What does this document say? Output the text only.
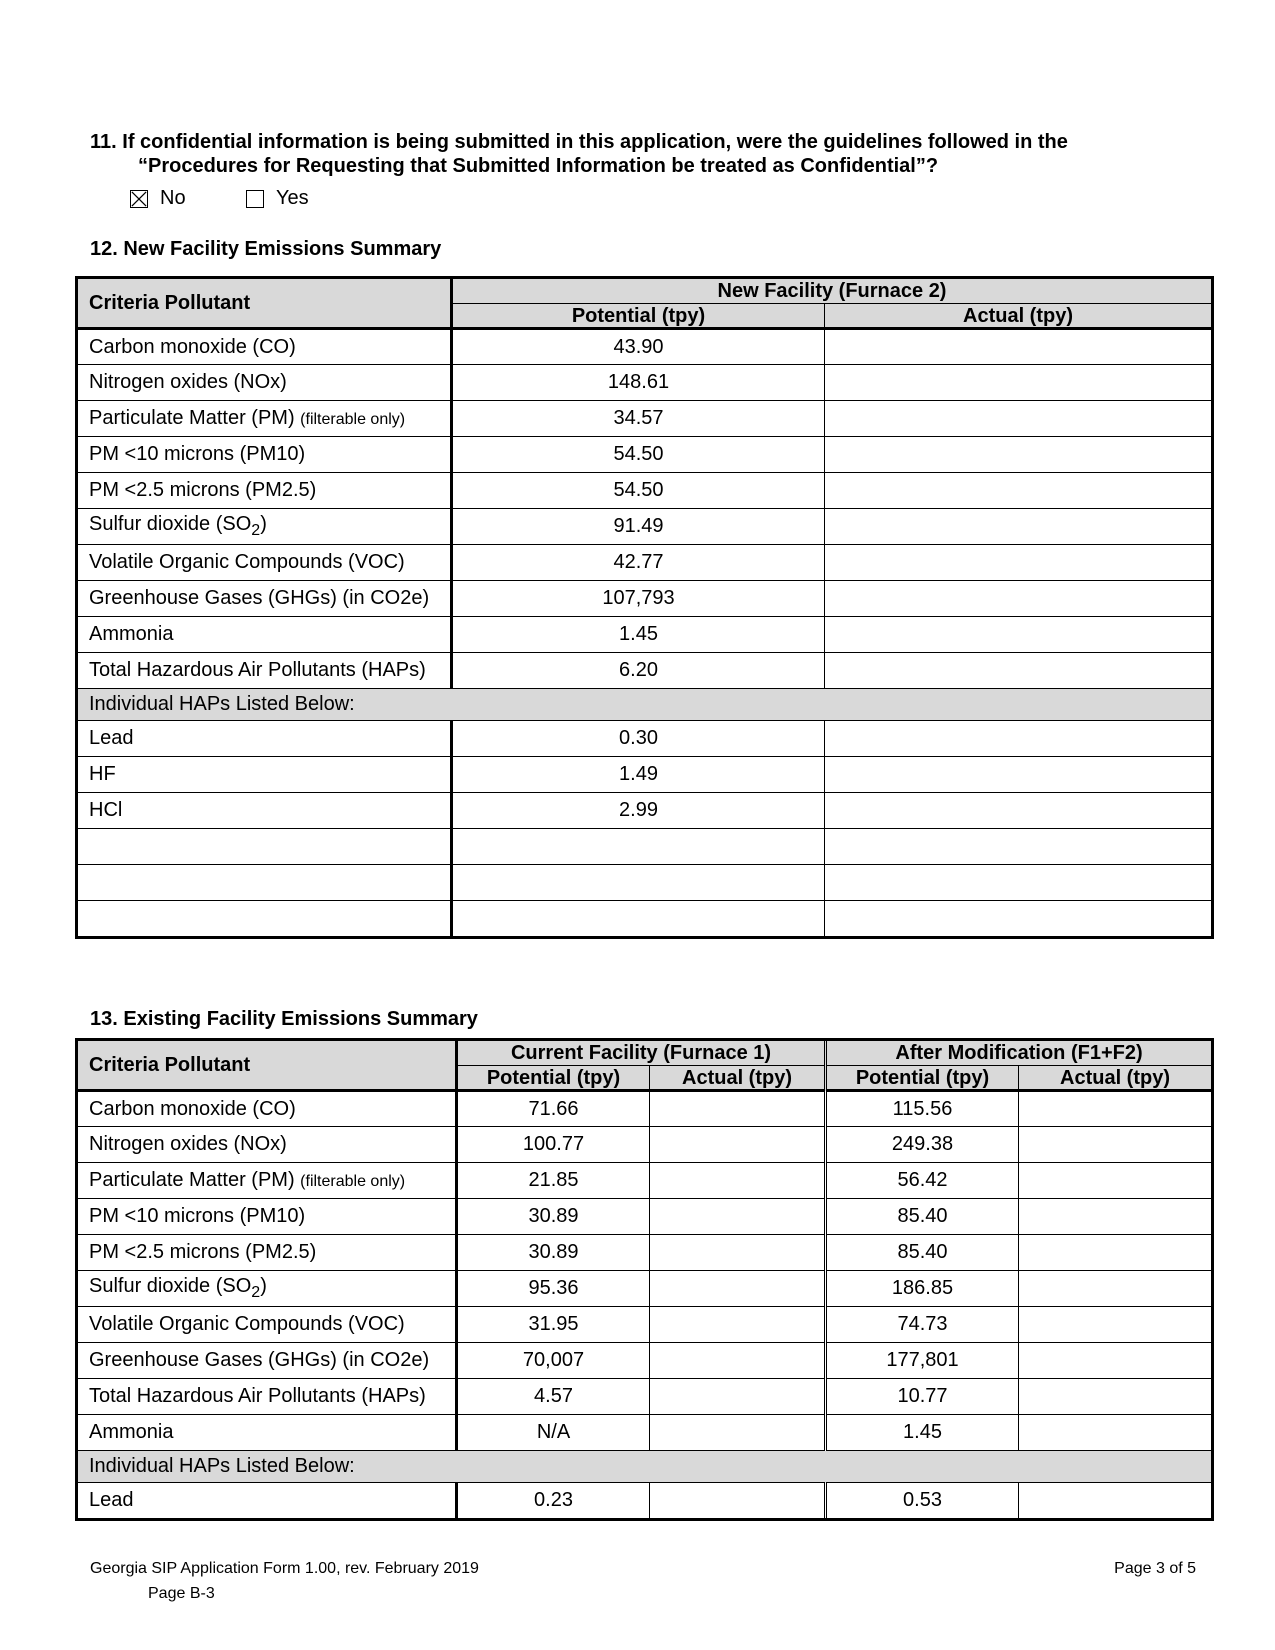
11. If confidential information is being submitted in this application, were the guidelines followed in the
“Procedures for Requesting that Submitted Information be treated as Confidential”?
No	Yes
12. New Facility Emissions Summary
Criteria Pollutant	New Facility (Furnace 2)	
	Potential (tpy)	Actual (tpy)
Carbon monoxide (CO)	43.90	
Nitrogen oxides (NOx)	148.61	
Particulate Matter (PM) (filterable only)	34.57	
PM <10 microns (PM10)	54.50	
PM <2.5 microns (PM2.5)	54.50	
Sulfur dioxide $(SO_2)$	91.49	
Volatile Organic Compounds (VOC)	42.77	
Greenhouse Gases (GHGs) (in CO2e)	107,793	
Ammonia	1.45	
Total Hazardous Air Pollutants (HAPs)	6.20	
Individual HAPs Listed Below:		
Lead	0.30	
HF	1.49	
HCl	2.99	

13. Existing Facility Emissions Summary
Criteria Pollutant	Current Facility (Furnace 1)		After Modification (F1+F2)	
	Potential (tpy)	Actual (tpy)	Potential (tpy)	Actual (tpy)
Carbon monoxide (CO)	71.66		115.56	
Nitrogen oxides (NOx)	100.77		249.38	
Particulate Matter (PM) (filterable only)	21.85		56.42	
PM <10 microns (PM10)	30.89		85.40	
PM <2.5 microns (PM2.5)	30.89		85.40	
Sulfur dioxide $(SO_2)$	95.36		186.85	
Volatile Organic Compounds (VOC)	31.95		74.73	
Greenhouse Gases (GHGs) (in CO2e)	70,007		177,801	
Total Hazardous Air Pollutants (HAPs)	4.57		10.77	
Ammonia	N/A		1.45	
Individual HAPs Listed Below:				
Lead	0.23		0.53	
Georgia SIP Application Form 1.00, rev. February 2019	Page 3 of 5
Page B-3
